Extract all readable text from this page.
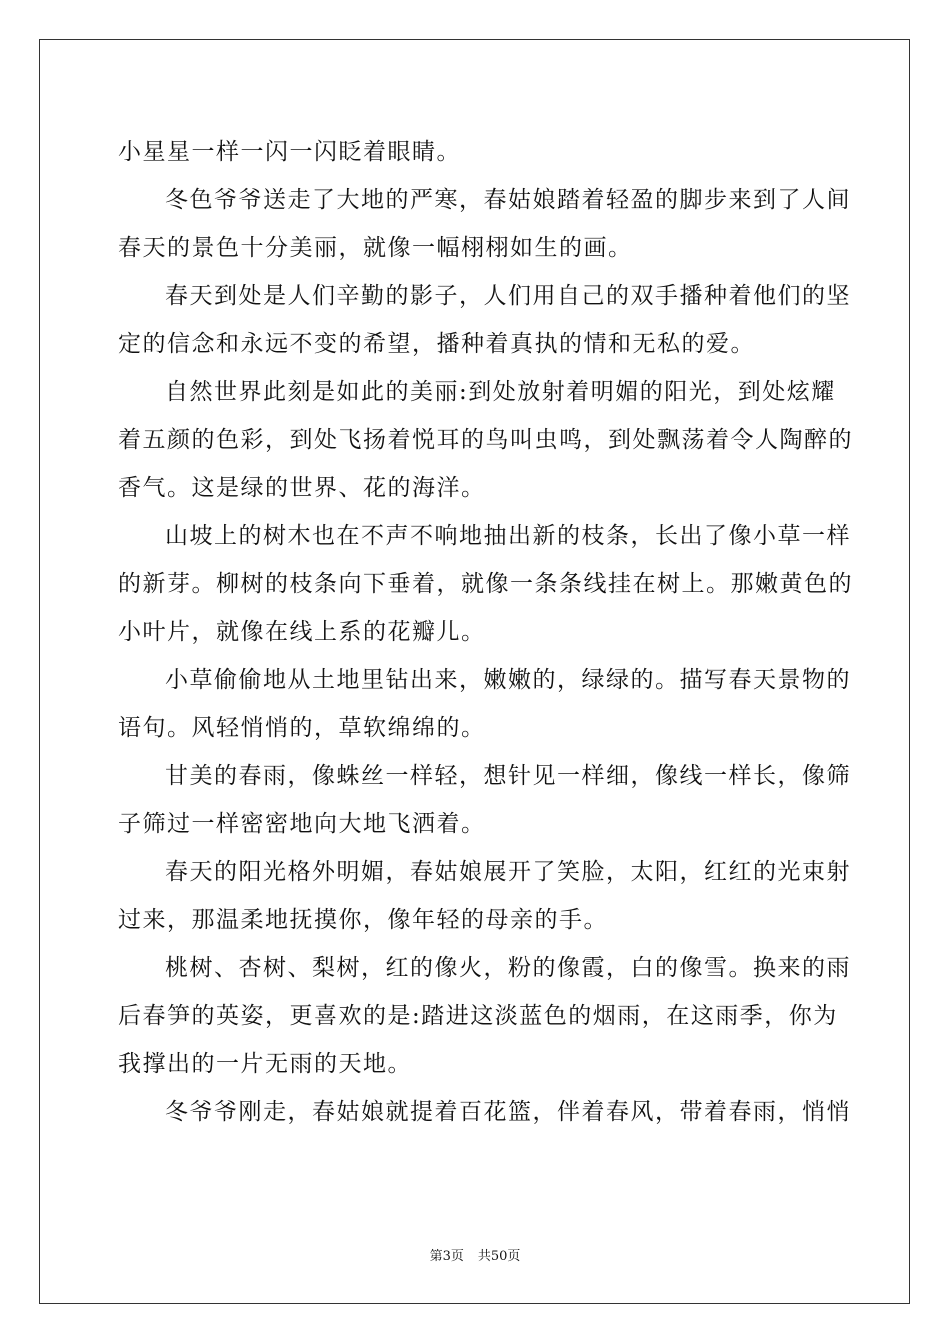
小星星一样一闪一闪眨着眼睛。
冬色爷爷送走了大地的严寒，春姑娘踏着轻盈的脚步来到了人间
春天的景色十分美丽，就像一幅栩栩如生的画。
春天到处是人们辛勤的影子，人们用自己的双手播种着他们的坚
定的信念和永远不变的希望，播种着真执的情和无私的爱。
自然世界此刻是如此的美丽:到处放射着明媚的阳光，到处炫耀
着五颜的色彩，到处飞扬着悦耳的鸟叫虫鸣，到处飘荡着令人陶醉的
香气。这是绿的世界、花的海洋。
山坡上的树木也在不声不响地抽出新的枝条，长出了像小草一样
的新芽。柳树的枝条向下垂着，就像一条条线挂在树上。那嫩黄色的
小叶片，就像在线上系的花瓣儿。
小草偷偷地从土地里钻出来，嫩嫩的，绿绿的。描写春天景物的
语句。风轻悄悄的，草软绵绵的。
甘美的春雨，像蛛丝一样轻，想针见一样细，像线一样长，像筛
子筛过一样密密地向大地飞洒着。
春天的阳光格外明媚，春姑娘展开了笑脸，太阳，红红的光束射
过来，那温柔地抚摸你，像年轻的母亲的手。
桃树、杏树、梨树，红的像火，粉的像霞，白的像雪。换来的雨
后春笋的英姿，更喜欢的是:踏进这淡蓝色的烟雨，在这雨季，你为
我撑出的一片无雨的天地。
冬爷爷刚走，春姑娘就提着百花篮，伴着春风，带着春雨，悄悄
第3页 共50页
